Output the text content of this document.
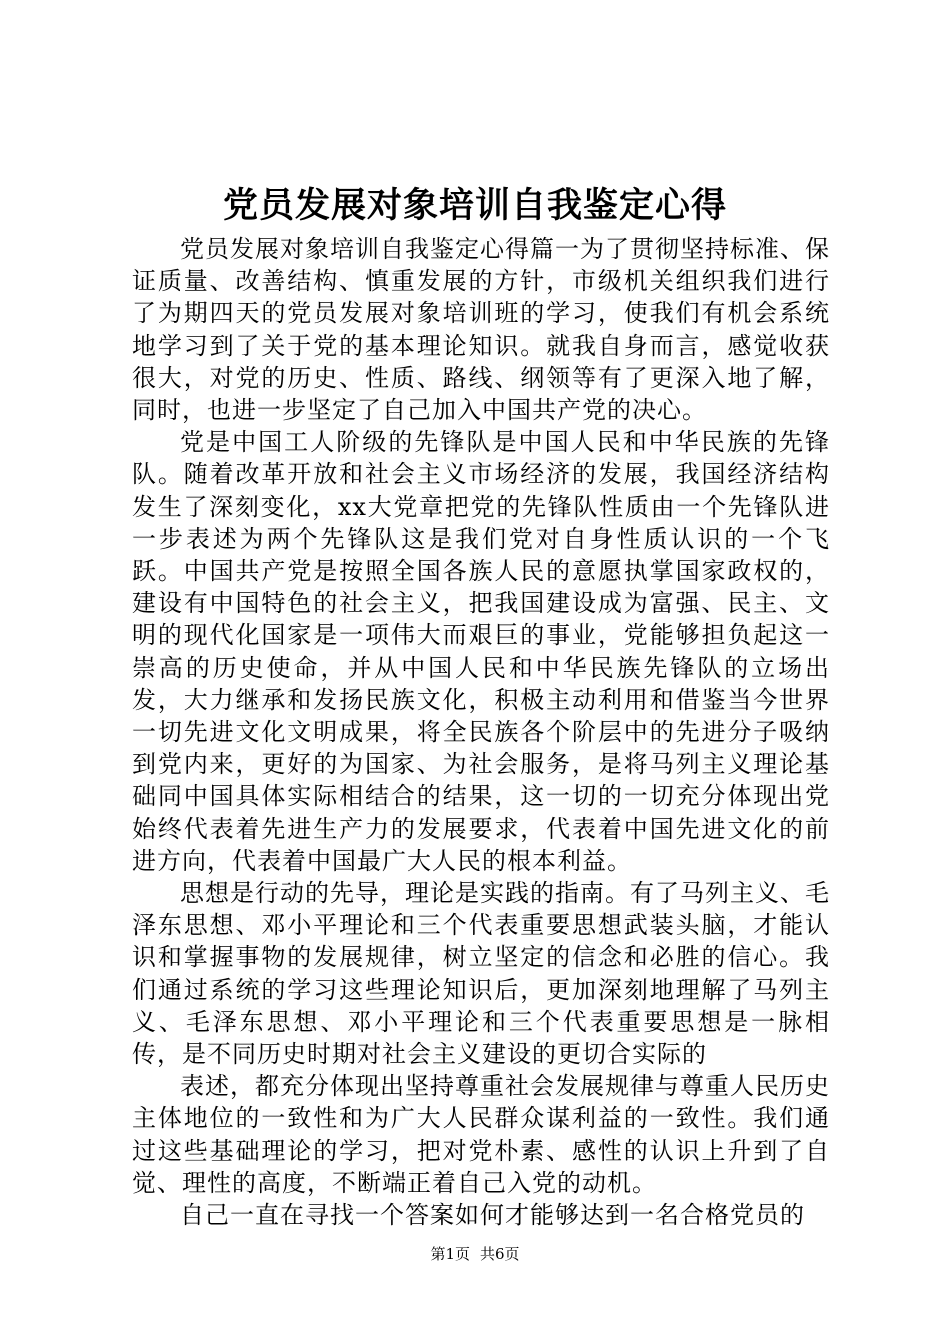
党员发展对象培训自我鉴定心得

党员发展对象培训自我鉴定心得篇一为了贯彻坚持标准、保证质量、改善结构、慎重发展的方针，市级机关组织我们进行了为期四天的党员发展对象培训班的学习，使我们有机会系统地学习到了关于党的基本理论知识。就我自身而言，感觉收获很大，对党的历史、性质、路线、纲领等有了更深入地了解，同时，也进一步坚定了自己加入中国共产党的决心。

党是中国工人阶级的先锋队是中国人民和中华民族的先锋队。随着改革开放和社会主义市场经济的发展，我国经济结构发生了深刻变化，xx大党章把党的先锋队性质由一个先锋队进一步表述为两个先锋队这是我们党对自身性质认识的一个飞跃。中国共产党是按照全国各族人民的意愿执掌国家政权的，建设有中国特色的社会主义，把我国建设成为富强、民主、文明的现代化国家是一项伟大而艰巨的事业，党能够担负起这一崇高的历史使命，并从中国人民和中华民族先锋队的立场出发，大力继承和发扬民族文化，积极主动利用和借鉴当今世界一切先进文化文明成果，将全民族各个阶层中的先进分子吸纳到党内来，更好的为国家、为社会服务，是将马列主义理论基础同中国具体实际相结合的结果，这一切的一切充分体现出党始终代表着先进生产力的发展要求，代表着中国先进文化的前进方向，代表着中国最广大人民的根本利益。

思想是行动的先导，理论是实践的指南。有了马列主义、毛泽东思想、邓小平理论和三个代表重要思想武装头脑，才能认识和掌握事物的发展规律，树立坚定的信念和必胜的信心。我们通过系统的学习这些理论知识后，更加深刻地理解了马列主义、毛泽东思想、邓小平理论和三个代表重要思想是一脉相传，是不同历史时期对社会主义建设的更切合实际的

表述，都充分体现出坚持尊重社会发展规律与尊重人民历史主体地位的一致性和为广大人民群众谋利益的一致性。我们通过这些基础理论的学习，把对党朴素、感性的认识上升到了自觉、理性的高度，不断端正着自己入党的动机。

自己一直在寻找一个答案如何才能够达到一名合格党员的

第1页 共6页
